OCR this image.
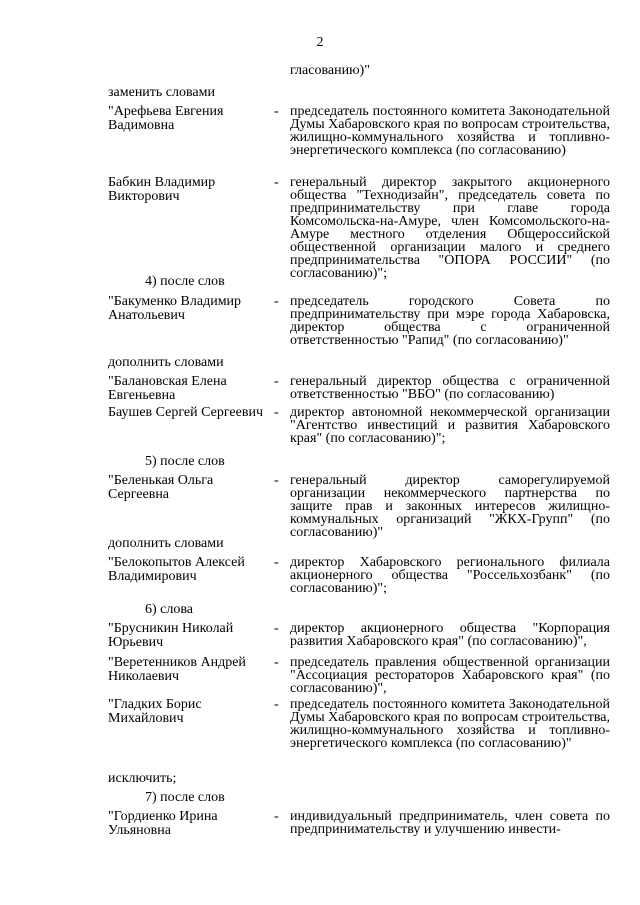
2
гласованию)"
заменить словами
"Арефьева Евгения Вадимовна
- председатель постоянного комитета Законодательной Думы Хабаровского края по вопросам строительства, жилищно-коммунального хозяйства и топливно-энергетического комплекса (по согласованию)
Бабкин Владимир Викторович
- генеральный директор закрытого акционерного общества "Технодизайн", председатель совета по предпринимательству при главе города Комсомольска-на-Амуре, член Комсомольского-на-Амуре местного отделения Общероссийской общественной организации малого и среднего предпринимательства "ОПОРА РОССИИ" (по согласованию)";
4) после слов
"Бакуменко Владимир Анатольевич
- председатель городского Совета по предпринимательству при мэре города Хабаровска, директор общества с ограниченной ответственностью "Рапид" (по согласованию)"
дополнить словами
"Балановская Елена Евгеньевна
- генеральный директор общества с ограниченной ответственностью "ВБО" (по согласованию)
Баушев Сергей Сергеевич - директор автономной некоммерческой организации "Агентство инвестиций и развития Хабаровского края" (по согласованию)";
5) после слов
"Беленькая Ольга Сергеевна
- генеральный директор саморегулируемой организации некоммерческого партнерства по защите прав и законных интересов жилищно-коммунальных организаций "ЖКХ-Групп" (по согласованию)"
дополнить словами
"Белокопытов Алексей Владимирович
- директор Хабаровского регионального филиала акционерного общества "Россельхозбанк" (по согласованию)";
6) слова
"Брусникин Николай Юрьевич
- директор акционерного общества "Корпорация развития Хабаровского края" (по согласованию)",
"Веретенников Андрей Николаевич
- председатель правления общественной организации "Ассоциация рестораторов Хабаровского края" (по согласованию)",
"Гладких Борис Михайлович
- председатель постоянного комитета Законодательной Думы Хабаровского края по вопросам строительства, жилищно-коммунального хозяйства и топливно-энергетического комплекса (по согласованию)"
исключить;
7) после слов
"Гордиенко Ирина Ульяновна
- индивидуальный предприниматель, член совета по предпринимательству и улучшению инвести-
